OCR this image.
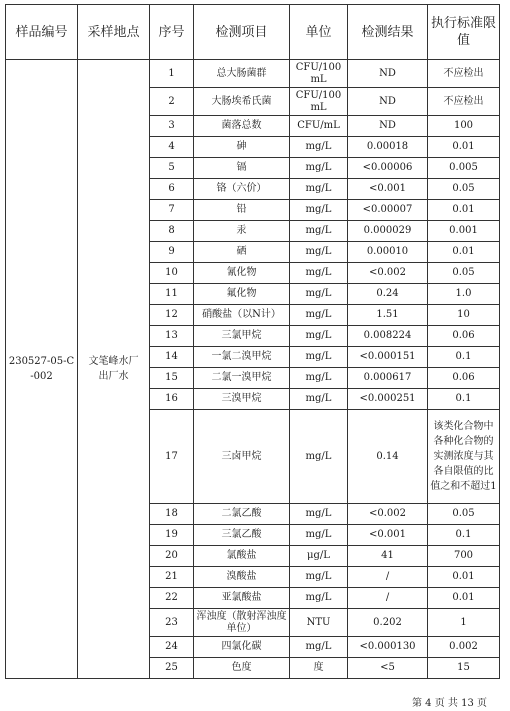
样品编号	采样地点	序号	检测项目	单位	检测结果	执行标准限值
230527-05-C-002	文笔峰水厂出厂水	1	总大肠菌群	CFU/100mL	ND	不应检出
		2	大肠埃希氏菌	CFU/100mL	ND	不应检出
		3	菌落总数	CFU/mL	ND	100
		4	砷	mg/L	0.00018	0.01
		5	镉	mg/L	<0.00006	0.005
		6	铬（六价）	mg/L	<0.001	0.05
		7	铅	mg/L	<0.00007	0.01
		8	汞	mg/L	0.000029	0.001
		9	硒	mg/L	0.00010	0.01
		10	氰化物	mg/L	<0.002	0.05
		11	氟化物	mg/L	0.24	1.0
		12	硝酸盐（以N计）	mg/L	1.51	10
		13	三氯甲烷	mg/L	0.008224	0.06
		14	一氯二溴甲烷	mg/L	<0.000151	0.1
		15	二氯一溴甲烷	mg/L	0.000617	0.06
		16	三溴甲烷	mg/L	<0.000251	0.1
		17	三卤甲烷	mg/L	0.14	该类化合物中各种化合物的实测浓度与其各自限值的比值之和不超过1
		18	二氯乙酸	mg/L	<0.002	0.05
		19	三氯乙酸	mg/L	<0.001	0.1
		20	氯酸盐	μg/L	41	700
		21	溴酸盐	mg/L	/	0.01
		22	亚氯酸盐	mg/L	/	0.01
		23	浑浊度（散射浑浊度单位）	NTU	0.202	1
		24	四氯化碳	mg/L	<0.000130	0.002
		25	色度	度	<5	15
第 4 页 共 13 页
